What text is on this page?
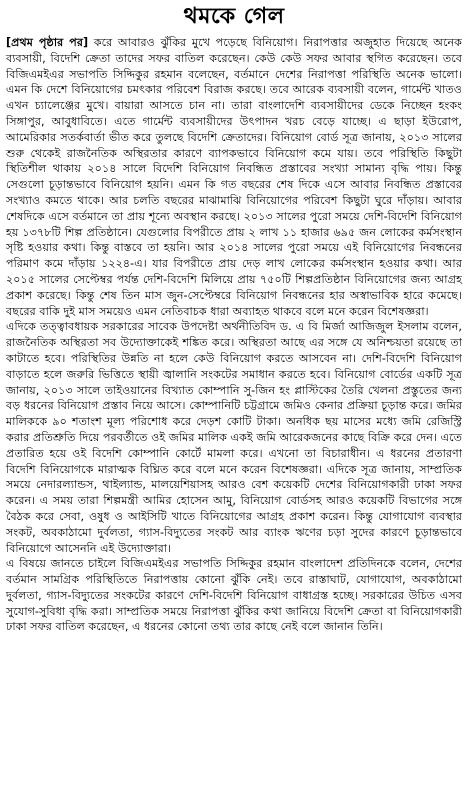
থমকে গেল

[প্রথম পৃষ্ঠার পর] করে আবারও ঝুঁকির মুখে পড়েছে বিনিয়োগ। নিরাপত্তার অজুহাত দিয়েছে অনেক ব্যবসায়ী, বিদেশি ক্রেতা তাদের সফর বাতিল করেছেন। কেউ কেউ সফর আবার স্থগিত করেছেন। তবে বিজিএমইএর সভাপতি সিদ্দিকুর রহমান বলেছেন, বর্তমানে দেশের নিরাপত্তা পরিস্থিতি অনেক ভালো। এমন কি দেশে বিনিয়োগের চমৎকার পরিবেশ বিরাজ করছে। তবে আরেক ব্যবসায়ী বলেন, গার্মেন্ট খাতও এখন চ্যালেঞ্জের মুখে। বায়ারা আসতে চান না। তারা বাংলাদেশি ব্যবসায়ীদের ডেকে নিচ্ছেন হংকং সিঙ্গাপুর, আবুধাবিতে। এতে গার্মেন্ট ব্যবসায়ীদের উৎপাদন খরচ বেড়ে যাচ্ছে। এ ছাড়া ইউরোপ, আমেরিকার সতর্কবার্তা ভীত করে তুলছে বিদেশি ক্রেতাদের। বিনিয়োগ বোর্ড সূত্র জানায়, ২০১৩ সালের শুরু থেকেই রাজনৈতিক অস্থিরতার কারণে ব্যাপকভাবে বিনিয়োগ কমে যায়। তবে পরিস্থিতি কিছুটা স্থিতিশীল থাকায় ২০১৪ সালে বিদেশি বিনিয়োগ নিবন্ধিত প্রস্তাবের সংখ্যা সামান্য বৃদ্ধি পায়। কিন্তু সেগুলো চূড়ান্তভাবে বিনিয়োগ হয়নি। এমন কি গত বছরের শেষ দিকে এসে আবার নিবন্ধিত প্রস্তাবের সংখ্যাও কমতে থাকে। আর চলতি বছরের মাঝামাঝি বিনিয়োগের পরিবেশ কিছুটা ঘুরে দাঁড়ায়। আবার শেষদিকে এসে বর্তমানে তা প্রায় শূন্যে অবস্থান করছে। ২০১৩ সালের পুরো সময়ে দেশি-বিদেশি বিনিয়োগ হয় ১৩৭৮টি শিল্প প্রতিষ্ঠানে। যেগুলোর বিপরীতে প্রায় ২ লাখ ১১ হাজার ৬৯৫ জন লোকের কর্মসংস্থান সৃষ্টি হওয়ার কথা। কিন্তু বাস্তবে তা হয়নি। আর ২০১৪ সালের পুরো সময়ে এই বিনিয়োগের নিবন্ধনের পরিমাণ কমে দাঁড়ায় ১২২৪-এ। যার বিপরীতে প্রায় দেড় লাখ লোকের কর্মসংস্থান হওয়ার কথা। আর ২০১৫ সালের সেপ্টেম্বর পর্যন্ত দেশি-বিদেশি মিলিয়ে প্রায় ৭৫০টি শিল্পপ্রতিষ্ঠান বিনিয়োগের জন্য আগ্রহ প্রকাশ করেছে। কিন্তু শেষ তিন মাস জুন-সেপ্টেম্বরে বিনিয়োগ নিবন্ধনের হার অস্বাভাবিক হারে কমেছে। বছরের বাকি দুই মাস সময়েও এমন নেতিবাচক ধারা অব্যাহত থাকবে বলে মনে করেন বিশেষজ্ঞরা।

এদিকে তত্ত্বাবধায়ক সরকারের সাবেক উপদেষ্টা অর্থনীতিবিদ ড. এ বি মির্জা আজিজুল ইসলাম বলেন, রাজনৈতিক অস্থিরতা সব উদ্যোক্তাকেই শঙ্কিত করে। অস্থিরতা আছে এর সঙ্গে যে অনিশ্চয়তা রয়েছে তা কাটাতে হবে। পরিস্থিতির উন্নতি না হলে কেউ বিনিয়োগ করতে আসবেন না। দেশি-বিদেশি বিনিয়োগ বাড়াতে হলে জরুরি ভিত্তিতে স্থায়ী জ্বালানি সংকটের সমাধান করতে হবে। বিনিয়োগ বোর্ডের একটি সূত্র জানায়, ২০১৩ সালে তাইওয়ানের বিখ্যাত কোম্পানি সু-জিন হং প্লাস্টিকের তৈরি খেলনা প্রস্তুতের জন্য বড় ধরনের বিনিয়োগ প্রস্তাব নিয়ে আসে। কোম্পানিটি চট্টগ্রামে জমিও কেনার প্রক্রিয়া চূড়ান্ত করে। জমির মালিককে ৯০ শতাংশ মূল্য পরিশোধ করে দেড়শ কোটি টাকা। অনধিক ছয় মাসের মধ্যে জমি রেজিস্ট্রি করার প্রতিশ্রুতি দিয়ে পরবর্তীতে ওই জমির মালিক একই জমি আরেকজনের কাছে বিক্রি করে দেন। এতে প্রতারিত হয়ে ওই বিদেশি কোম্পানি কোর্টে মামলা করে। এখনো তা বিচারাধীন। এ ধরনের প্রতারণা বিদেশি বিনিয়োগকে মারাত্মক বিঘ্নিত করে বলে মনে করেন বিশেষজ্ঞরা। এদিকে সূত্র জানায়, সাম্প্রতিক সময়ে নেদারল্যান্ডস, থাইল্যান্ড, মালয়েশিয়াসহ আরও বেশ কয়েকটি দেশের বিনিয়োগকারী ঢাকা সফর করেন। এ সময় তারা শিল্পমন্ত্রী আমির হোসেন আমু, বিনিয়োগ বোর্ডসহ আরও কয়েকটি বিভাগের সঙ্গে বৈঠক করে সেবা, ওষুধ ও আইসিটি খাতে বিনিয়োগের আগ্রহ প্রকাশ করেন। কিন্তু যোগাযোগ ব্যবস্থার সংকট, অবকাঠামো দুর্বলতা, গ্যাস-বিদ্যুতের সংকট আর ব্যাংক ঋণের চড়া সুদের কারণে চূড়ান্তভাবে বিনিয়োগে আসেননি এই উদ্যোক্তারা।

এ বিষয়ে জানতে চাইলে বিজিএমইএর সভাপতি সিদ্দিকুর রহমান বাংলাদেশ প্রতিদিনকে বলেন, দেশের বর্তমান সামগ্রিক পরিস্থিতিতে নিরাপত্তায় কোনো ঝুঁকি নেই। তবে রাস্তাঘাট, যোগাযোগ, অবকাঠামো দুর্বলতা, গ্যাস-বিদ্যুতের সংকটের কারণে দেশি-বিদেশি বিনিয়োগ বাধাগ্রস্ত হচ্ছে। সরকারের উচিত এসব সুযোগ-সুবিধা বৃদ্ধি করা। সাম্প্রতিক সময়ে নিরাপত্তা ঝুঁকির কথা জানিয়ে বিদেশি ক্রেতা বা বিনিয়োগকারী ঢাকা সফর বাতিল করেছেন, এ ধরনের কোনো তথ্য তার কাছে নেই বলে জানান তিনি।
